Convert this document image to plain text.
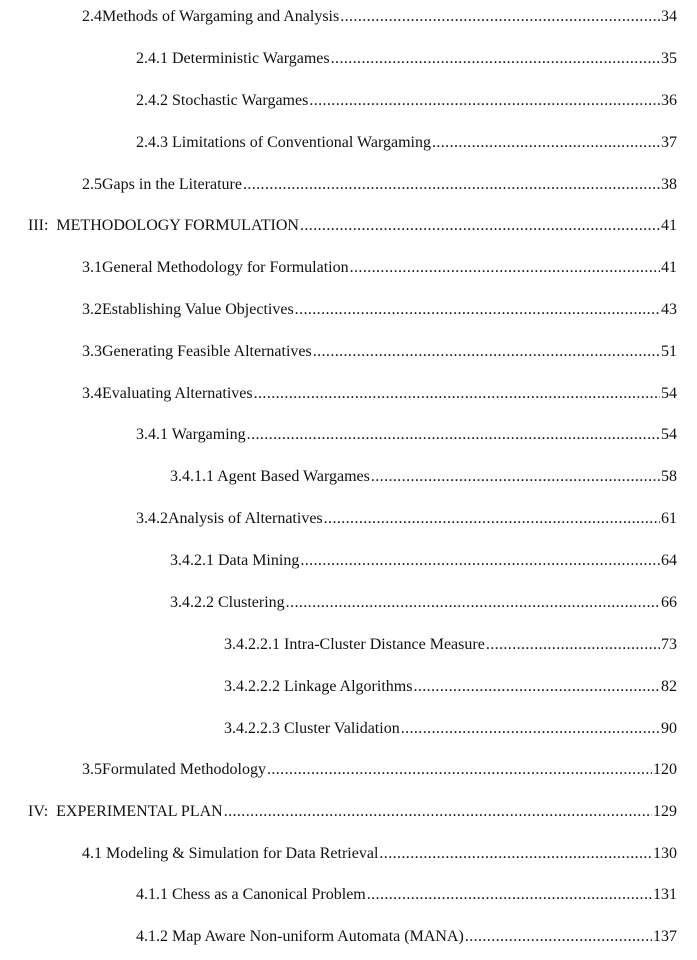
2.4 Methods of Wargaming and Analysis .....	34
2.4.1 Deterministic Wargames .....	35
2.4.2 Stochastic Wargames .....	36
2.4.3 Limitations of Conventional Wargaming .....	37
2.5 Gaps in the Literature .....	38
III:  METHODOLOGY FORMULATION .....	41
3.1 General Methodology for Formulation .....	41
3.2 Establishing Value Objectives .....	43
3.3 Generating Feasible Alternatives .....	51
3.4 Evaluating Alternatives .....	54
3.4.1 Wargaming .....	54
3.4.1.1 Agent Based Wargames .....	58
3.4.2Analysis of Alternatives .....	61
3.4.2.1 Data Mining .....	64
3.4.2.2 Clustering .....	66
3.4.2.2.1 Intra-Cluster Distance Measure .....	73
3.4.2.2.2 Linkage Algorithms .....	82
3.4.2.2.3 Cluster Validation .....	90
3.5 Formulated Methodology .....	120
IV:  EXPERIMENTAL PLAN .....	129
4.1 Modeling & Simulation for Data Retrieval .....	130
4.1.1 Chess as a Canonical Problem .....	131
4.1.2 Map Aware Non-uniform Automata (MANA) .....	137
